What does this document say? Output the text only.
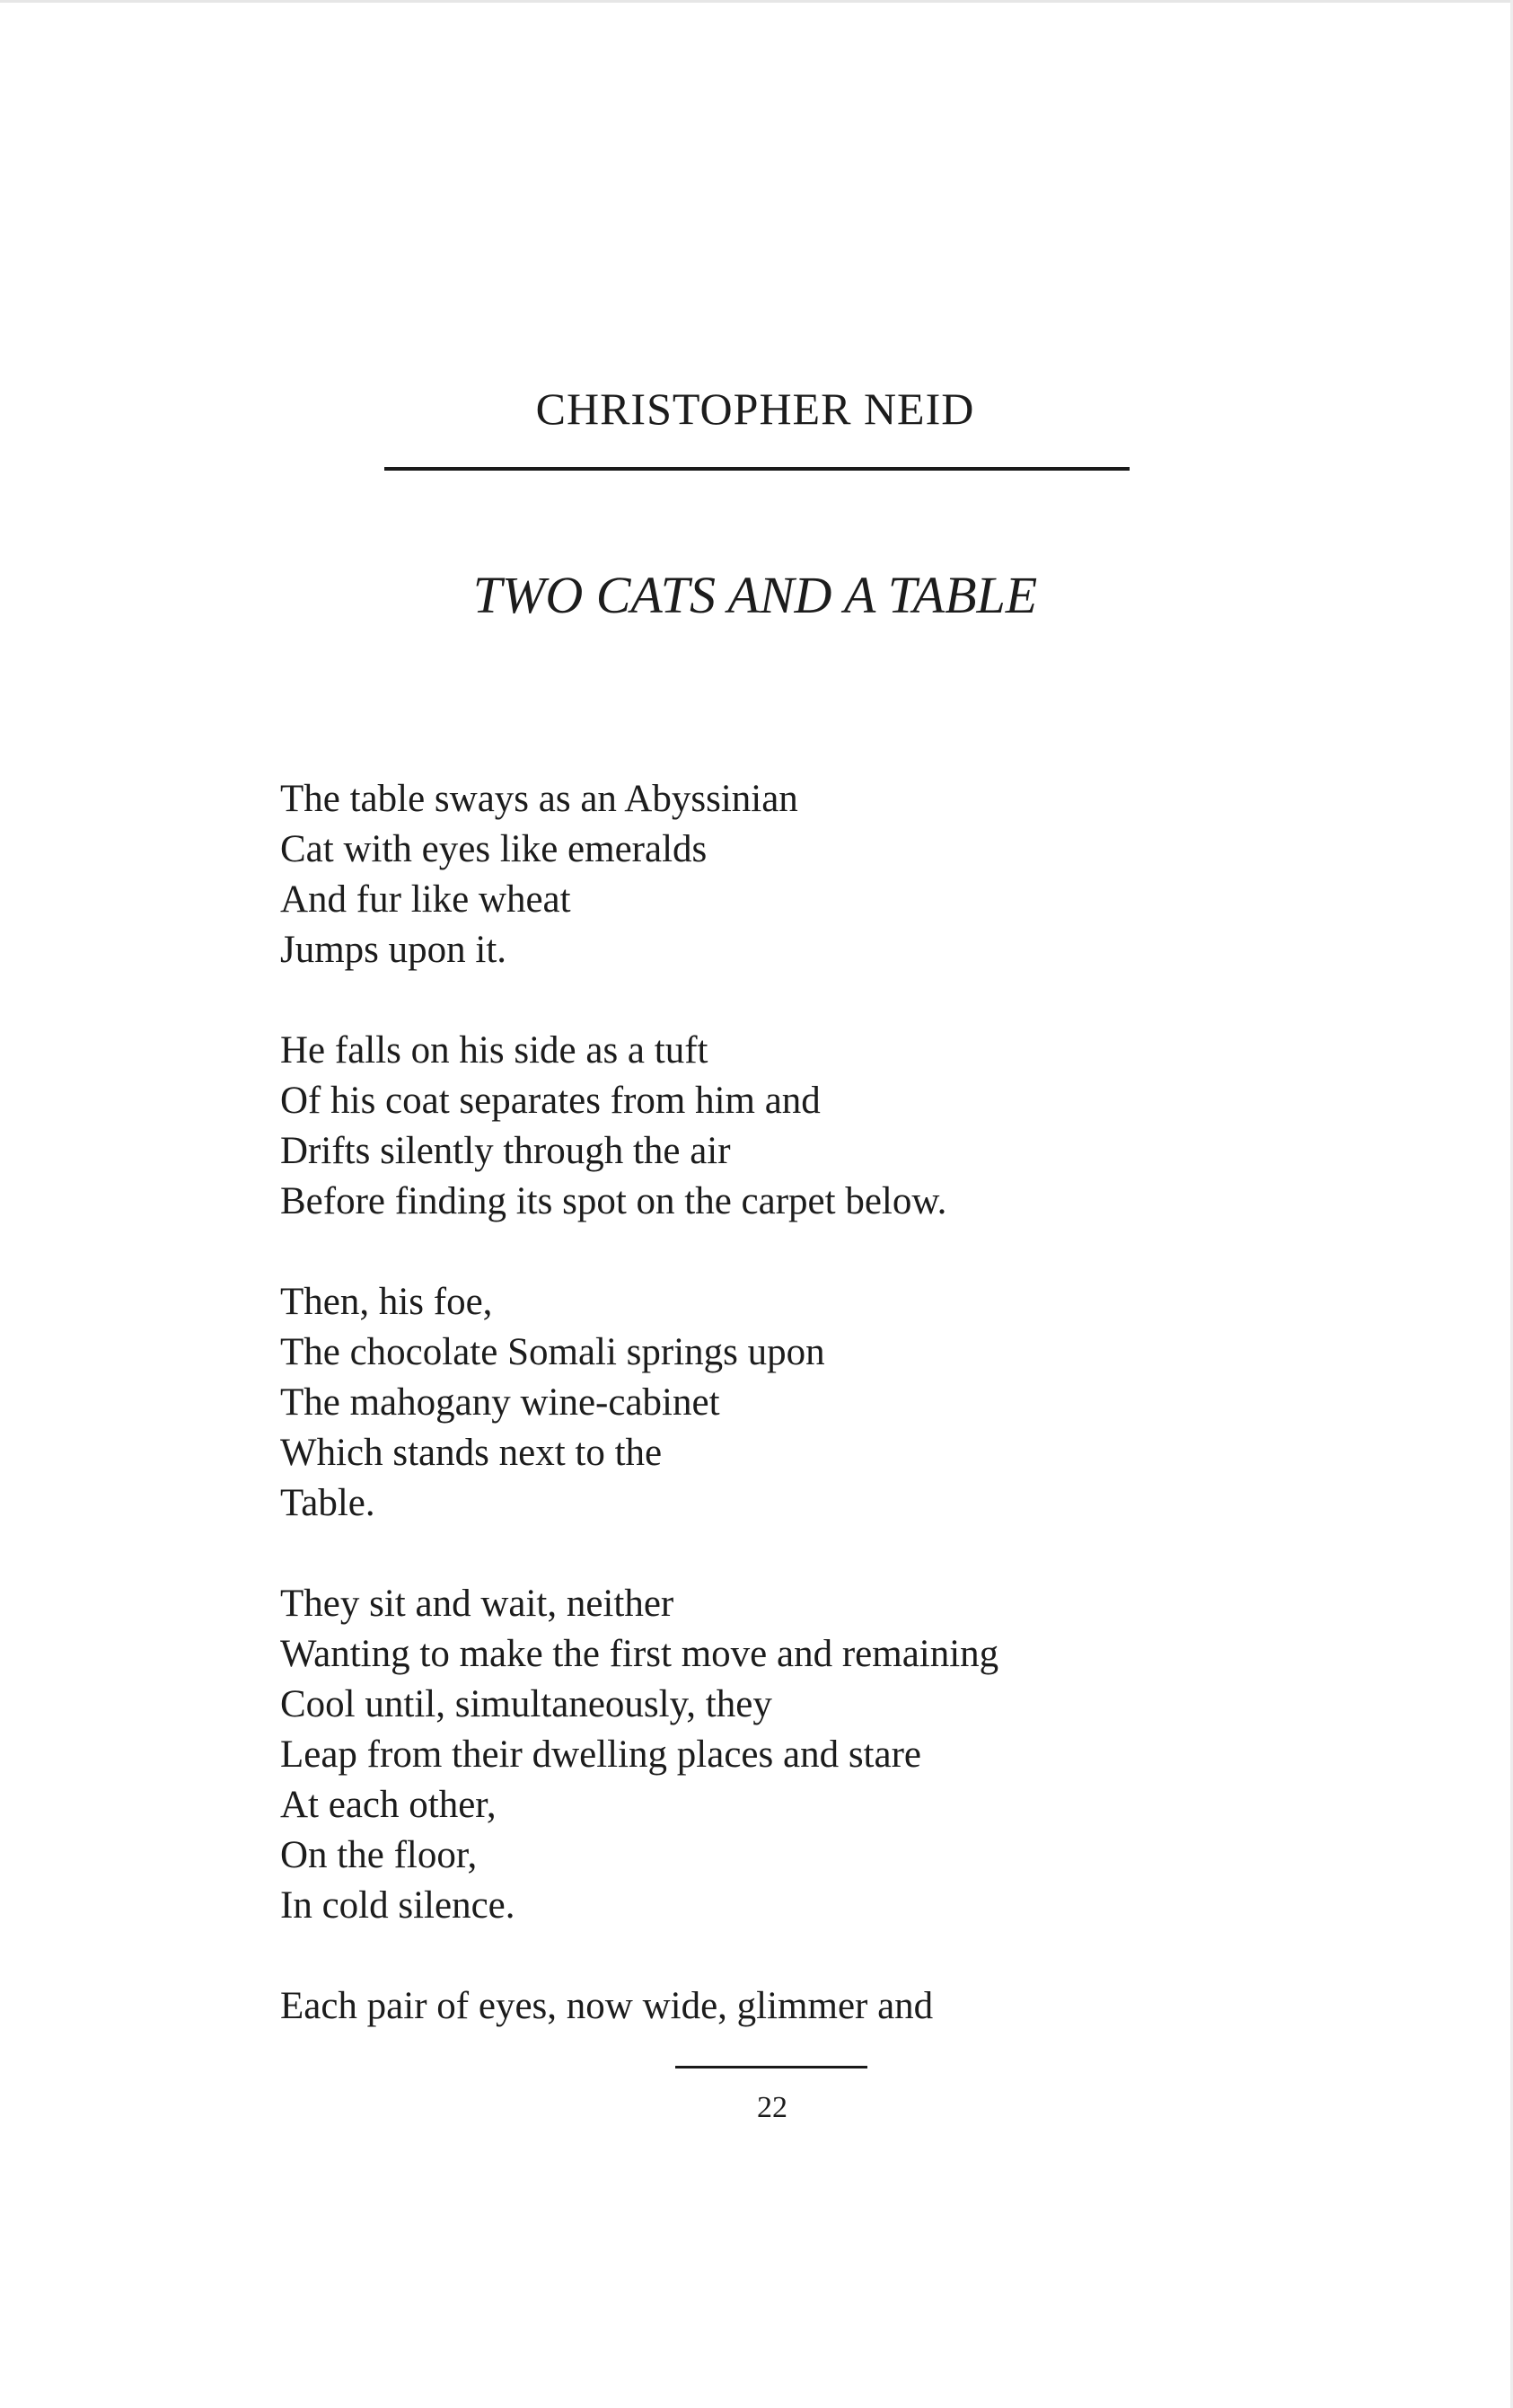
CHRISTOPHER NEID
TWO CATS AND A TABLE
The table sways as an Abyssinian
Cat with eyes like emeralds
And fur like wheat
Jumps upon it.
He falls on his side as a tuft
Of his coat separates from him and
Drifts silently through the air
Before finding its spot on the carpet below.
Then, his foe,
The chocolate Somali springs upon
The mahogany wine-cabinet
Which stands next to the
Table.
They sit and wait, neither
Wanting to make the first move and remaining
Cool until, simultaneously, they
Leap from their dwelling places and stare
At each other,
On the floor,
In cold silence.
Each pair of eyes, now wide, glimmer and
22
